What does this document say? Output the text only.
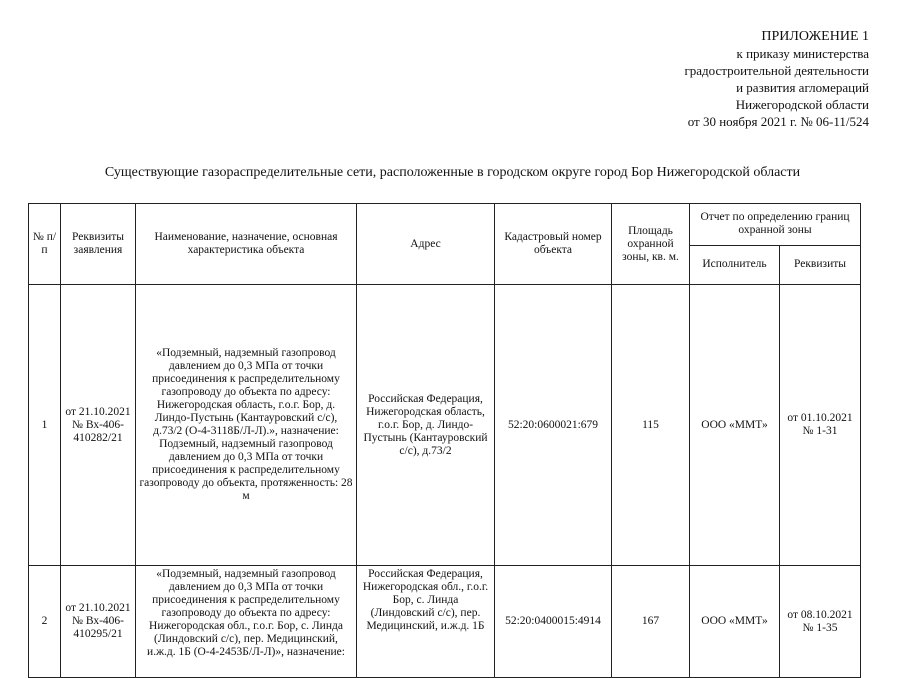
ПРИЛОЖЕНИЕ 1
к приказу министерства
градостроительной деятельности
и развития агломераций
Нижегородской области
от 30 ноября 2021 г. № 06-11/524
Существующие газораспределительные сети, расположенные в городском округе город Бор Нижегородской области
№ п/п	Реквизиты заявления	Наименование, назначение, основная характеристика объекта	Адрес	Кадастровый номер объекта	Площадь охранной зоны, кв. м.	Отчет по определению границ охранной зоны	
						Исполнитель	Реквизиты
1	от 21.10.2021 № Вх-406-410282/21	«Подземный, надземный газопровод давлением до 0,3 МПа от точки присоединения к распределительному газопроводу до объекта по адресу: Нижегородская область, г.о.г. Бор, д. Линдо-Пустынь (Кантауровский с/с), д.73/2 (О-4-3118Б/Л-Л).», назначение: Подземный, надземный газопровод давлением до 0,3 МПа от точки присоединения к распределительному газопроводу до объекта, протяженность: 28 м	Российская Федерация, Нижегородская область, г.о.г. Бор, д. Линдо-Пустынь (Кантауровский с/с), д.73/2	52:20:0600021:679	115	ООО «ММТ»	от 01.10.2021 № 1-31
2	от 21.10.2021 № Вх-406-410295/21	«Подземный, надземный газопровод давлением до 0,3 МПа от точки присоединения к распределительному газопроводу до объекта по адресу: Нижегородская обл., г.о.г. Бор, с. Линда (Линдовский с/с), пер. Медицинский, и.ж.д. 1Б (О-4-2453Б/Л-Л)», назначение:	Российская Федерация, Нижегородская обл., г.о.г. Бор, с. Линда (Линдовский с/с), пер. Медицинский, и.ж.д. 1Б	52:20:0400015:4914	167	ООО «ММТ»	от 08.10.2021 № 1-35
